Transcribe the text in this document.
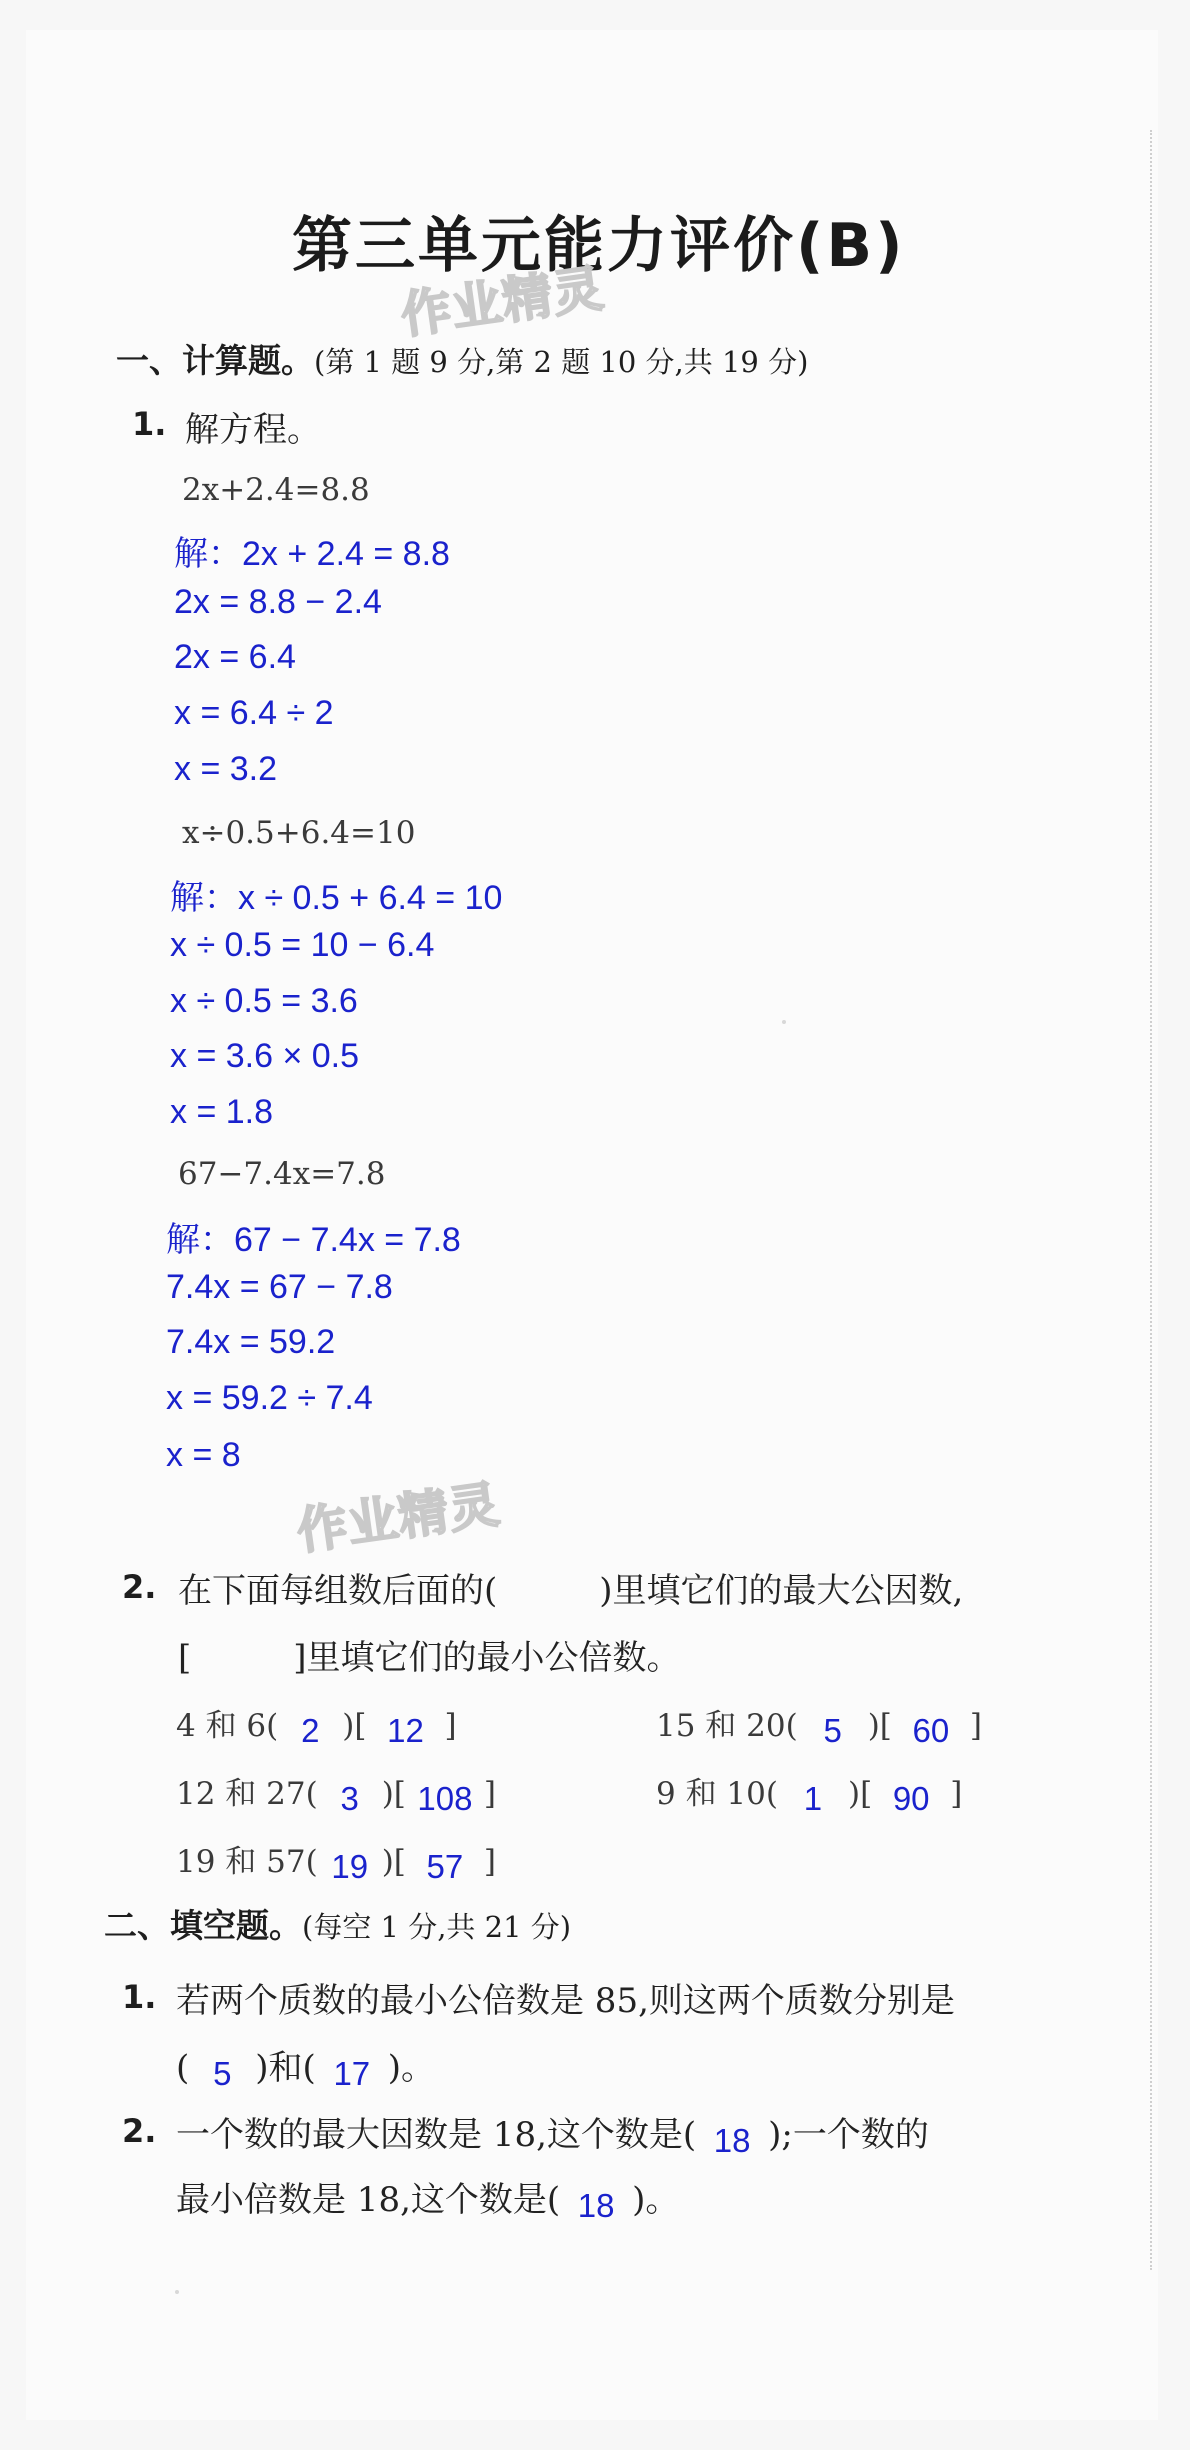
第三单元能力评价(B)
作业精灵
一、计算题。(第 1 题 9 分,第 2 题 10 分,共 19 分)
1. 解方程。
2x+2.4=8.8
解：2x + 2.4 = 8.8
2x = 8.8 − 2.4
2x = 6.4
x = 6.4 ÷ 2
x = 3.2
x÷0.5+6.4=10
解：x ÷ 0.5 + 6.4 = 10
x ÷ 0.5 = 10 − 6.4
x ÷ 0.5 = 3.6
x = 3.6 × 0.5
x = 1.8
67−7.4x=7.8
解：67 − 7.4x = 7.8
7.4x = 67 − 7.8
7.4x = 59.2
x = 59.2 ÷ 7.4
x = 8
作业精灵
2. 在下面每组数后面的(　　　)里填它们的最大公因数,
[　　　]里填它们的最小公倍数。
4 和 6( 2 )[ 12 ]	15 和 20( 5 )[ 60 ]
12 和 27( 3 )[ 108 ]	9 和 10( 1 )[ 90 ]
19 和 57( 19 )[ 57 ]
二、填空题。(每空 1 分,共 21 分)
1. 若两个质数的最小公倍数是 85,则这两个质数分别是
( 5 )和( 17 )。
2. 一个数的最大因数是 18,这个数是( 18 );一个数的
最小倍数是 18,这个数是( 18 )。
